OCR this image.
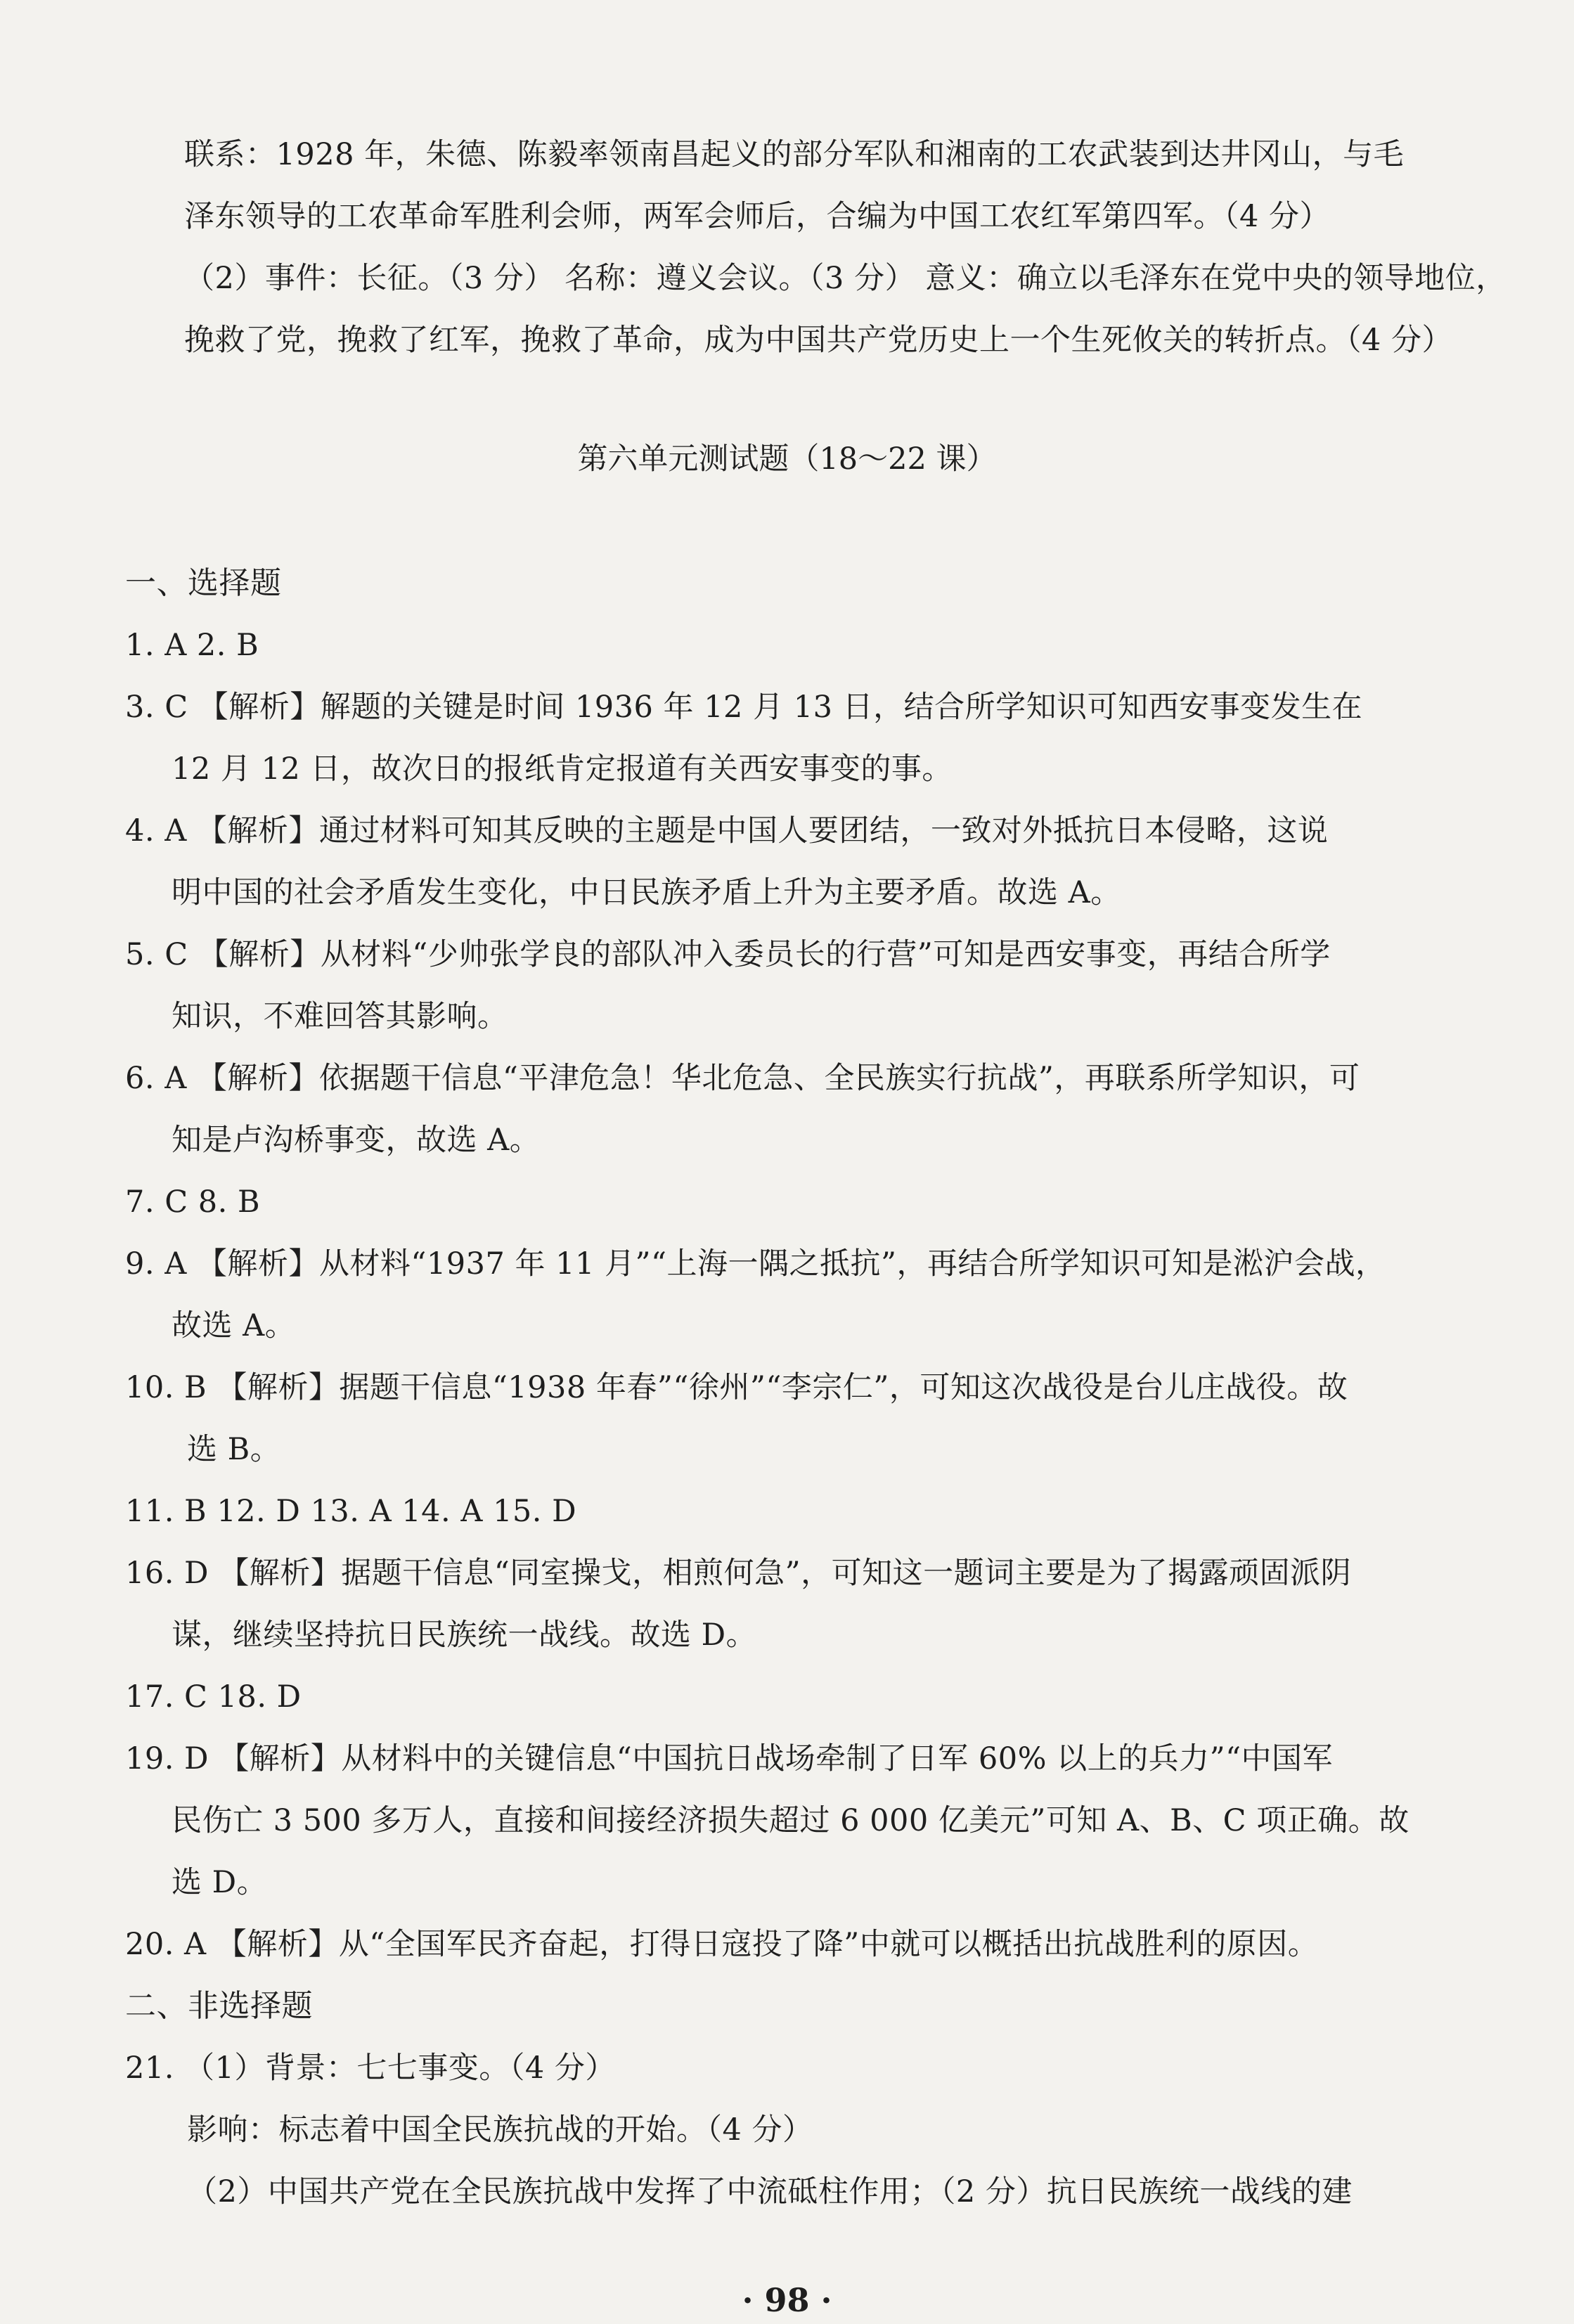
联系：1928 年，朱德、陈毅率领南昌起义的部分军队和湘南的工农武装到达井冈山，与毛
泽东领导的工农革命军胜利会师，两军会师后，合编为中国工农红军第四军。（4 分）
（2）事件：长征。（3 分） 名称：遵义会议。（3 分） 意义：确立以毛泽东在党中央的领导地位，
挽救了党，挽救了红军，挽救了革命，成为中国共产党历史上一个生死攸关的转折点。（4 分）
第六单元测试题（18～22 课）
一、选择题
1. A 2. B
3. C 【解析】解题的关键是时间 1936 年 12 月 13 日，结合所学知识可知西安事变发生在
12 月 12 日，故次日的报纸肯定报道有关西安事变的事。
4. A 【解析】通过材料可知其反映的主题是中国人要团结，一致对外抵抗日本侵略，这说
明中国的社会矛盾发生变化，中日民族矛盾上升为主要矛盾。故选 A。
5. C 【解析】从材料“少帅张学良的部队冲入委员长的行营”可知是西安事变，再结合所学
知识，不难回答其影响。
6. A 【解析】依据题干信息“平津危急！华北危急、全民族实行抗战”，再联系所学知识，可
知是卢沟桥事变，故选 A。
7. C 8. B
9. A 【解析】从材料“1937 年 11 月”“上海一隅之抵抗”，再结合所学知识可知是淞沪会战，
故选 A。
10. B 【解析】据题干信息“1938 年春”“徐州”“李宗仁”，可知这次战役是台儿庄战役。故
选 B。
11. B 12. D 13. A 14. A 15. D
16. D 【解析】据题干信息“同室操戈，相煎何急”，可知这一题词主要是为了揭露顽固派阴
谋，继续坚持抗日民族统一战线。故选 D。
17. C 18. D
19. D 【解析】从材料中的关键信息“中国抗日战场牵制了日军 60% 以上的兵力”“中国军
民伤亡 3 500 多万人，直接和间接经济损失超过 6 000 亿美元”可知 A、B、C 项正确。故
选 D。
20. A 【解析】从“全国军民齐奋起，打得日寇投了降”中就可以概括出抗战胜利的原因。
二、非选择题
21. （1）背景：七七事变。（4 分）
影响：标志着中国全民族抗战的开始。（4 分）
（2）中国共产党在全民族抗战中发挥了中流砥柱作用；（2 分）抗日民族统一战线的建
· 98 ·
